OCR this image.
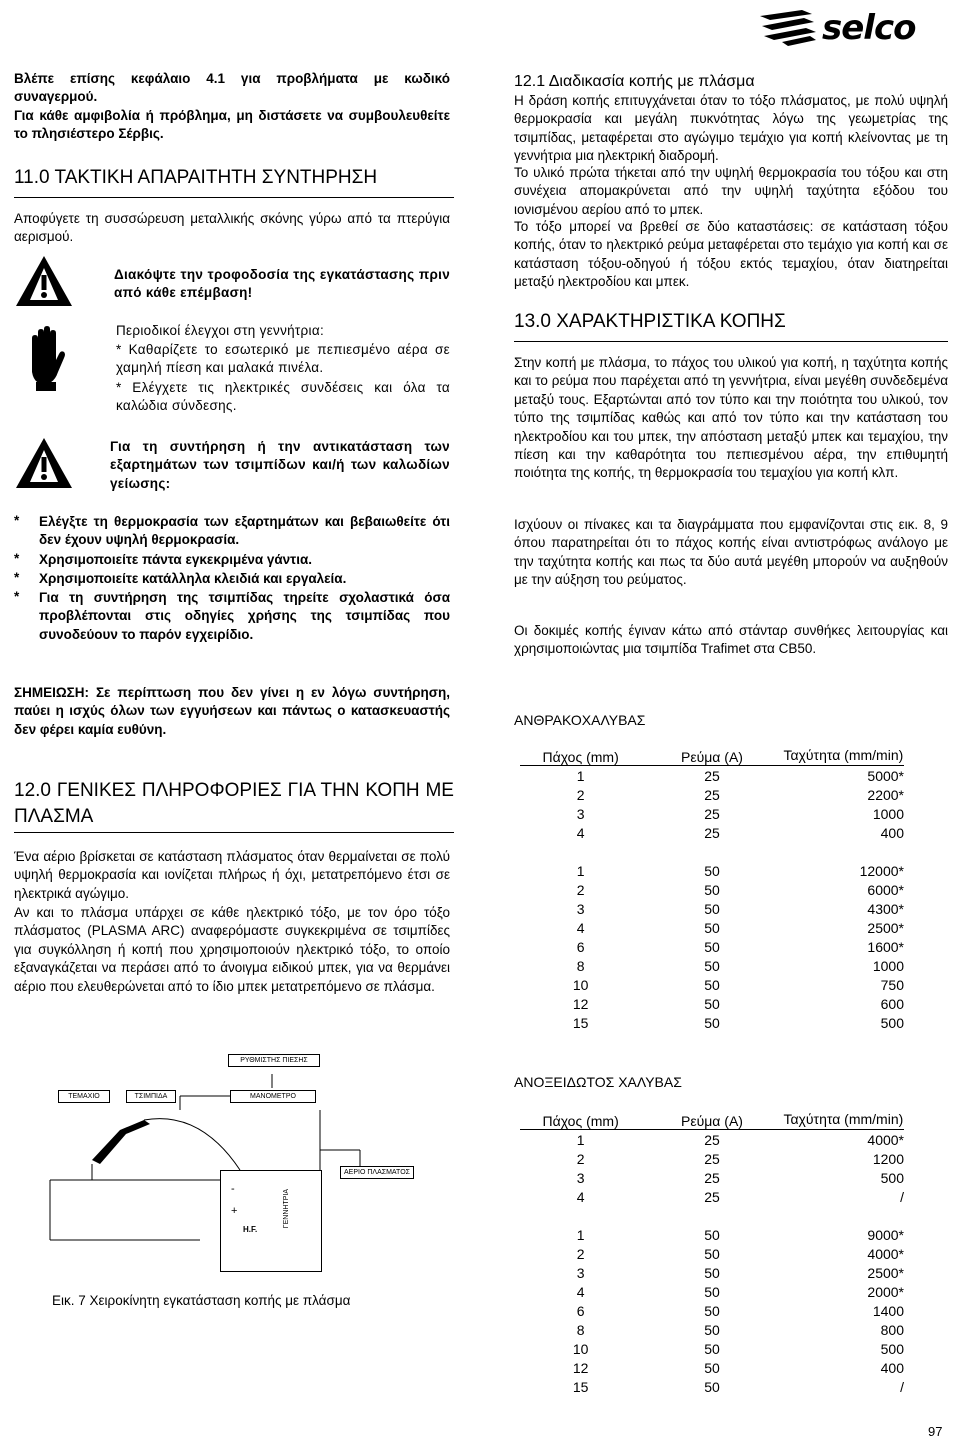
selco

Βλέπε επίσης κεφάλαιο 4.1 για προβλήματα με κωδικό συναγερμού.

Για κάθε αμφιβολία ή πρόβλημα, μη διστάσετε να συμβουλευθείτε το πλησιέστερο Σέρβις.

11.0 ΤΑΚΤΙΚΗ ΑΠΑΡΑΙΤΗΤΗ ΣΥΝΤΗΡΗΣΗ

Αποφύγετε τη συσσώρευση μεταλλικής σκόνης γύρω από τα πτερύγια αερισμού.

Διακόψτε την τροφοδοσία της εγκατάστασης πριν από κάθε επέμβαση!

Περιοδικοί έλεγχοι στη γεννήτρια:

* Καθαρίζετε το εσωτερικό με πεπιεσμένο αέρα σε χαμηλή πίεση και μαλακά πινέλα.

* Ελέγχετε τις ηλεκτρικές συνδέσεις και όλα τα καλώδια σύνδεσης.

Για τη συντήρηση ή την αντικατάσταση των εξαρτημάτων των τσιμπίδων και/ή των καλωδίων γείωσης:

* Ελέγξτε τη θερμοκρασία των εξαρτημάτων και βεβαιωθείτε ότι δεν έχουν υψηλή θερμοκρασία.

* Χρησιμοποιείτε πάντα εγκεκριμένα γάντια.

* Χρησιμοποιείτε κατάλληλα κλειδιά και εργαλεία.

* Για τη συντήρηση της τσιμπίδας τηρείτε σχολαστικά όσα προβλέπονται στις οδηγίες χρήσης της τσιμπίδας που συνοδεύουν το παρόν εγχειρίδιο.

ΣΗΜΕΙΩΣΗ: Σε περίπτωση που δεν γίνει η εν λόγω συντήρηση, παύει η ισχύς όλων των εγγυήσεων και πάντως ο κατασκευαστής δεν φέρει καμία ευθύνη.

12.0 ΓΕΝΙΚΕΣ ΠΛΗΡΟΦΟΡΙΕΣ ΓΙΑ ΤΗΝ ΚΟΠΗ ΜΕ ΠΛΑΣΜΑ

Ένα αέριο βρίσκεται σε κατάσταση πλάσματος όταν θερμαίνεται σε πολύ υψηλή θερμοκρασία και ιονίζεται πλήρως ή όχι, μετατρεπόμενο έτσι σε ηλεκτρικά αγώγιμο.

Αν και το πλάσμα υπάρχει σε κάθε ηλεκτρικό τόξο, με τον όρο τόξο πλάσματος (PLASMA ARC) αναφερόμαστε συγκεκριμένα σε τσιμπίδες για συγκόλληση ή κοπή που χρησιμοποιούν ηλεκτρικό τόξο, το οποίο εξαναγκάζεται να περάσει από το άνοιγμα ειδικού μπεκ, για να θερμάνει αέριο που ελευθερώνεται από το ίδιο μπεκ μετατρεπόμενο σε πλάσμα.

ΡΥΘΜΙΣΤΗΣ ΠΙΕΣΗΣ
ΤΕΜΑΧΙΟ	ΤΣΙΜΠΙΔΑ	ΜΑΝΟΜΕΤΡΟ
ΑΕΡΙΟ ΠΛΑΣΜΑΤΟΣ
-
+
H.F.
ΓΕΝΝΗΤΡΙΑ

Εικ. 7 Χειροκίνητη εγκατάσταση κοπής με πλάσμα

12.1 Διαδικασία κοπής με πλάσμα

Η δράση κοπής επιτυγχάνεται όταν το τόξο πλάσματος, με πολύ υψηλή θερμοκρασία και μεγάλη πυκνότητας λόγω της γεωμετρίας της τσιμπίδας, μεταφέρεται στο αγώγιμο τεμάχιο για κοπή κλείνοντας με τη γεννήτρια μια ηλεκτρική διαδρομή.

Το υλικό πρώτα τήκεται από την υψηλή θερμοκρασία του τόξου και στη συνέχεια απομακρύνεται από την υψηλή ταχύτητα εξόδου του ιονισμένου αερίου από το μπεκ.

Το τόξο μπορεί να βρεθεί σε δύο καταστάσεις: σε κατάσταση τόξου κοπής, όταν το ηλεκτρικό ρεύμα μεταφέρεται στο τεμάχιο για κοπή και σε κατάσταση τόξου-οδηγού ή τόξου εκτός τεμαχίου, όταν διατηρείται μεταξύ ηλεκτροδίου και μπεκ.

13.0 ΧΑΡΑΚΤΗΡΙΣΤΙΚΑ ΚΟΠΗΣ

Στην κοπή με πλάσμα, το πάχος του υλικού για κοπή, η ταχύτητα κοπής και το ρεύμα που παρέχεται από τη γεννήτρια, είναι μεγέθη συνδεδεμένα μεταξύ τους. Εξαρτώνται από τον τύπο και την ποιότητα του υλικού, τον τύπο της τσιμπίδας καθώς και από τον τύπο και την κατάσταση του ηλεκτροδίου και του μπεκ, την απόσταση μεταξύ μπεκ και τεμαχίου, την πίεση και την καθαρότητα του πεπιεσμένου αέρα, την επιθυμητή ποιότητα της κοπής, τη θερμοκρασία του τεμαχίου για κοπή κλπ.

Ισχύουν οι πίνακες και τα διαγράμματα που εμφανίζονται στις εικ. 8, 9 όπου παρατηρείται ότι το πάχος κοπής είναι αντιστρόφως ανάλογο με την ταχύτητα κοπής και πως τα δύο αυτά μεγέθη μπορούν να αυξηθούν με την αύξηση του ρεύματος.

Οι δοκιμές κοπής έγιναν κάτω από στάνταρ συνθήκες λειτουργίας και χρησιμοποιώντας μια τσιμπίδα Trafimet στα CB50.

ΑΝΘΡΑΚΟΧΑΛΥΒΑΣ
Πάχος (mm)	Ρεύμα (A)	Ταχύτητα (mm/min)

1	25	5000*
2	25	2200*
3	25	1000
4	25	400

1	50	12000*
2	50	6000*
3	50	4300*
4	50	2500*
6	50	1600*
8	50	1000
10	50	750
12	50	600
15	50	500
ΑΝΟΞΕΙΔΩΤΟΣ ΧΑΛΥΒΑΣ
Πάχος (mm)	Ρεύμα (A)	Ταχύτητα (mm/min)

1	25	4000*
2	25	1200
3	25	500
4	25	/

1	50	9000*
2	50	4000*
3	50	2500*
4	50	2000*
6	50	1400
8	50	800
10	50	500
12	50	400
15	50	/
97
